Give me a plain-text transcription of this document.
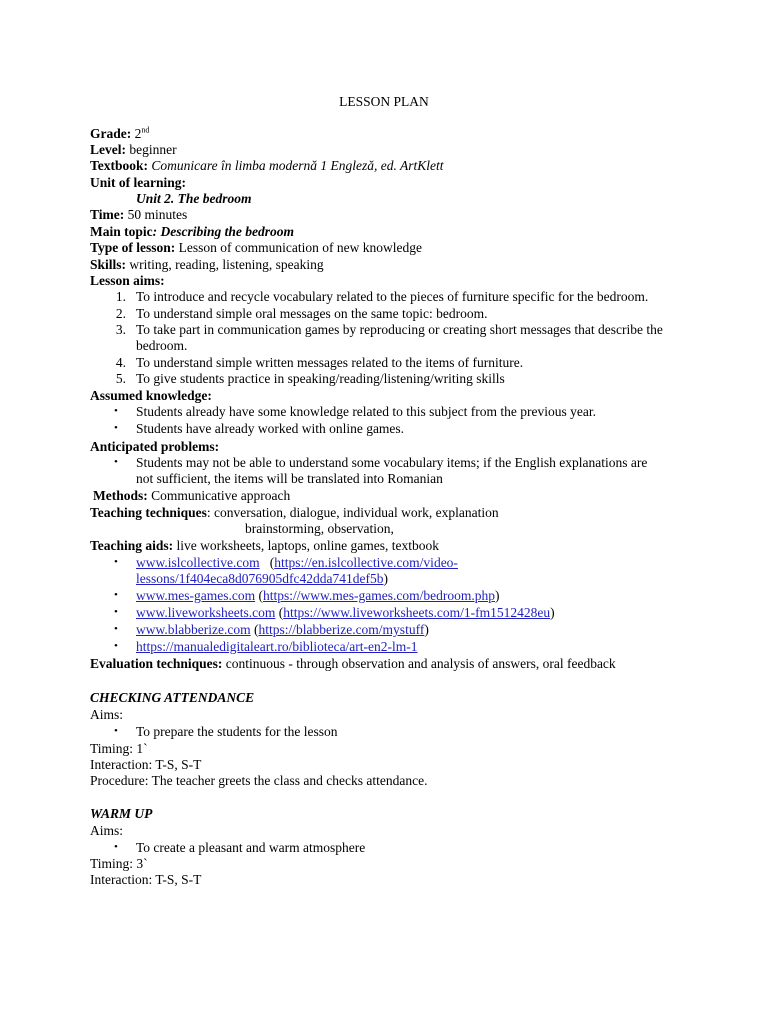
LESSON PLAN
Grade: 2nd
Level: beginner
Textbook: Comunicare în limba modernă 1 Engleză, ed. ArtKlett
Unit of learning:
Unit 2. The bedroom
Time: 50 minutes
Main topic: Describing the bedroom
Type of lesson: Lesson of communication of new knowledge
Skills: writing, reading, listening, speaking
Lesson aims:
1. To introduce and recycle vocabulary related to the pieces of furniture specific for the bedroom.
2. To understand simple oral messages on the same topic: bedroom.
3. To take part in communication games by reproducing or creating short messages that describe the
bedroom.
4. To understand simple written messages related to the items of furniture.
5. To give students practice in speaking/reading/listening/writing skills
Assumed knowledge:
• Students already have some knowledge related to this subject from the previous year.
• Students have already worked with online games.
Anticipated problems:
• Students may not be able to understand some vocabulary items; if the English explanations are
not sufficient, the items will be translated into Romanian
Methods: Communicative approach
Teaching techniques: conversation, dialogue, individual work, explanation
brainstorming, observation,
Teaching aids: live worksheets, laptops, online games, textbook
• www.islcollective.com   (https://en.islcollective.com/video-
lessons/1f404eca8d076905dfc42dda741def5b)
• www.mes-games.com (https://www.mes-games.com/bedroom.php)
• www.liveworksheets.com (https://www.liveworksheets.com/1-fm1512428eu)
• www.blabberize.com (https://blabberize.com/mystuff)
• https://manualedigitaleart.ro/biblioteca/art-en2-lm-1
Evaluation techniques: continuous - through observation and analysis of answers, oral feedback
CHECKING ATTENDANCE
Aims:
• To prepare the students for the lesson
Timing: 1`
Interaction: T-S, S-T
Procedure: The teacher greets the class and checks attendance.
WARM UP
Aims:
• To create a pleasant and warm atmosphere
Timing: 3`
Interaction: T-S, S-T
